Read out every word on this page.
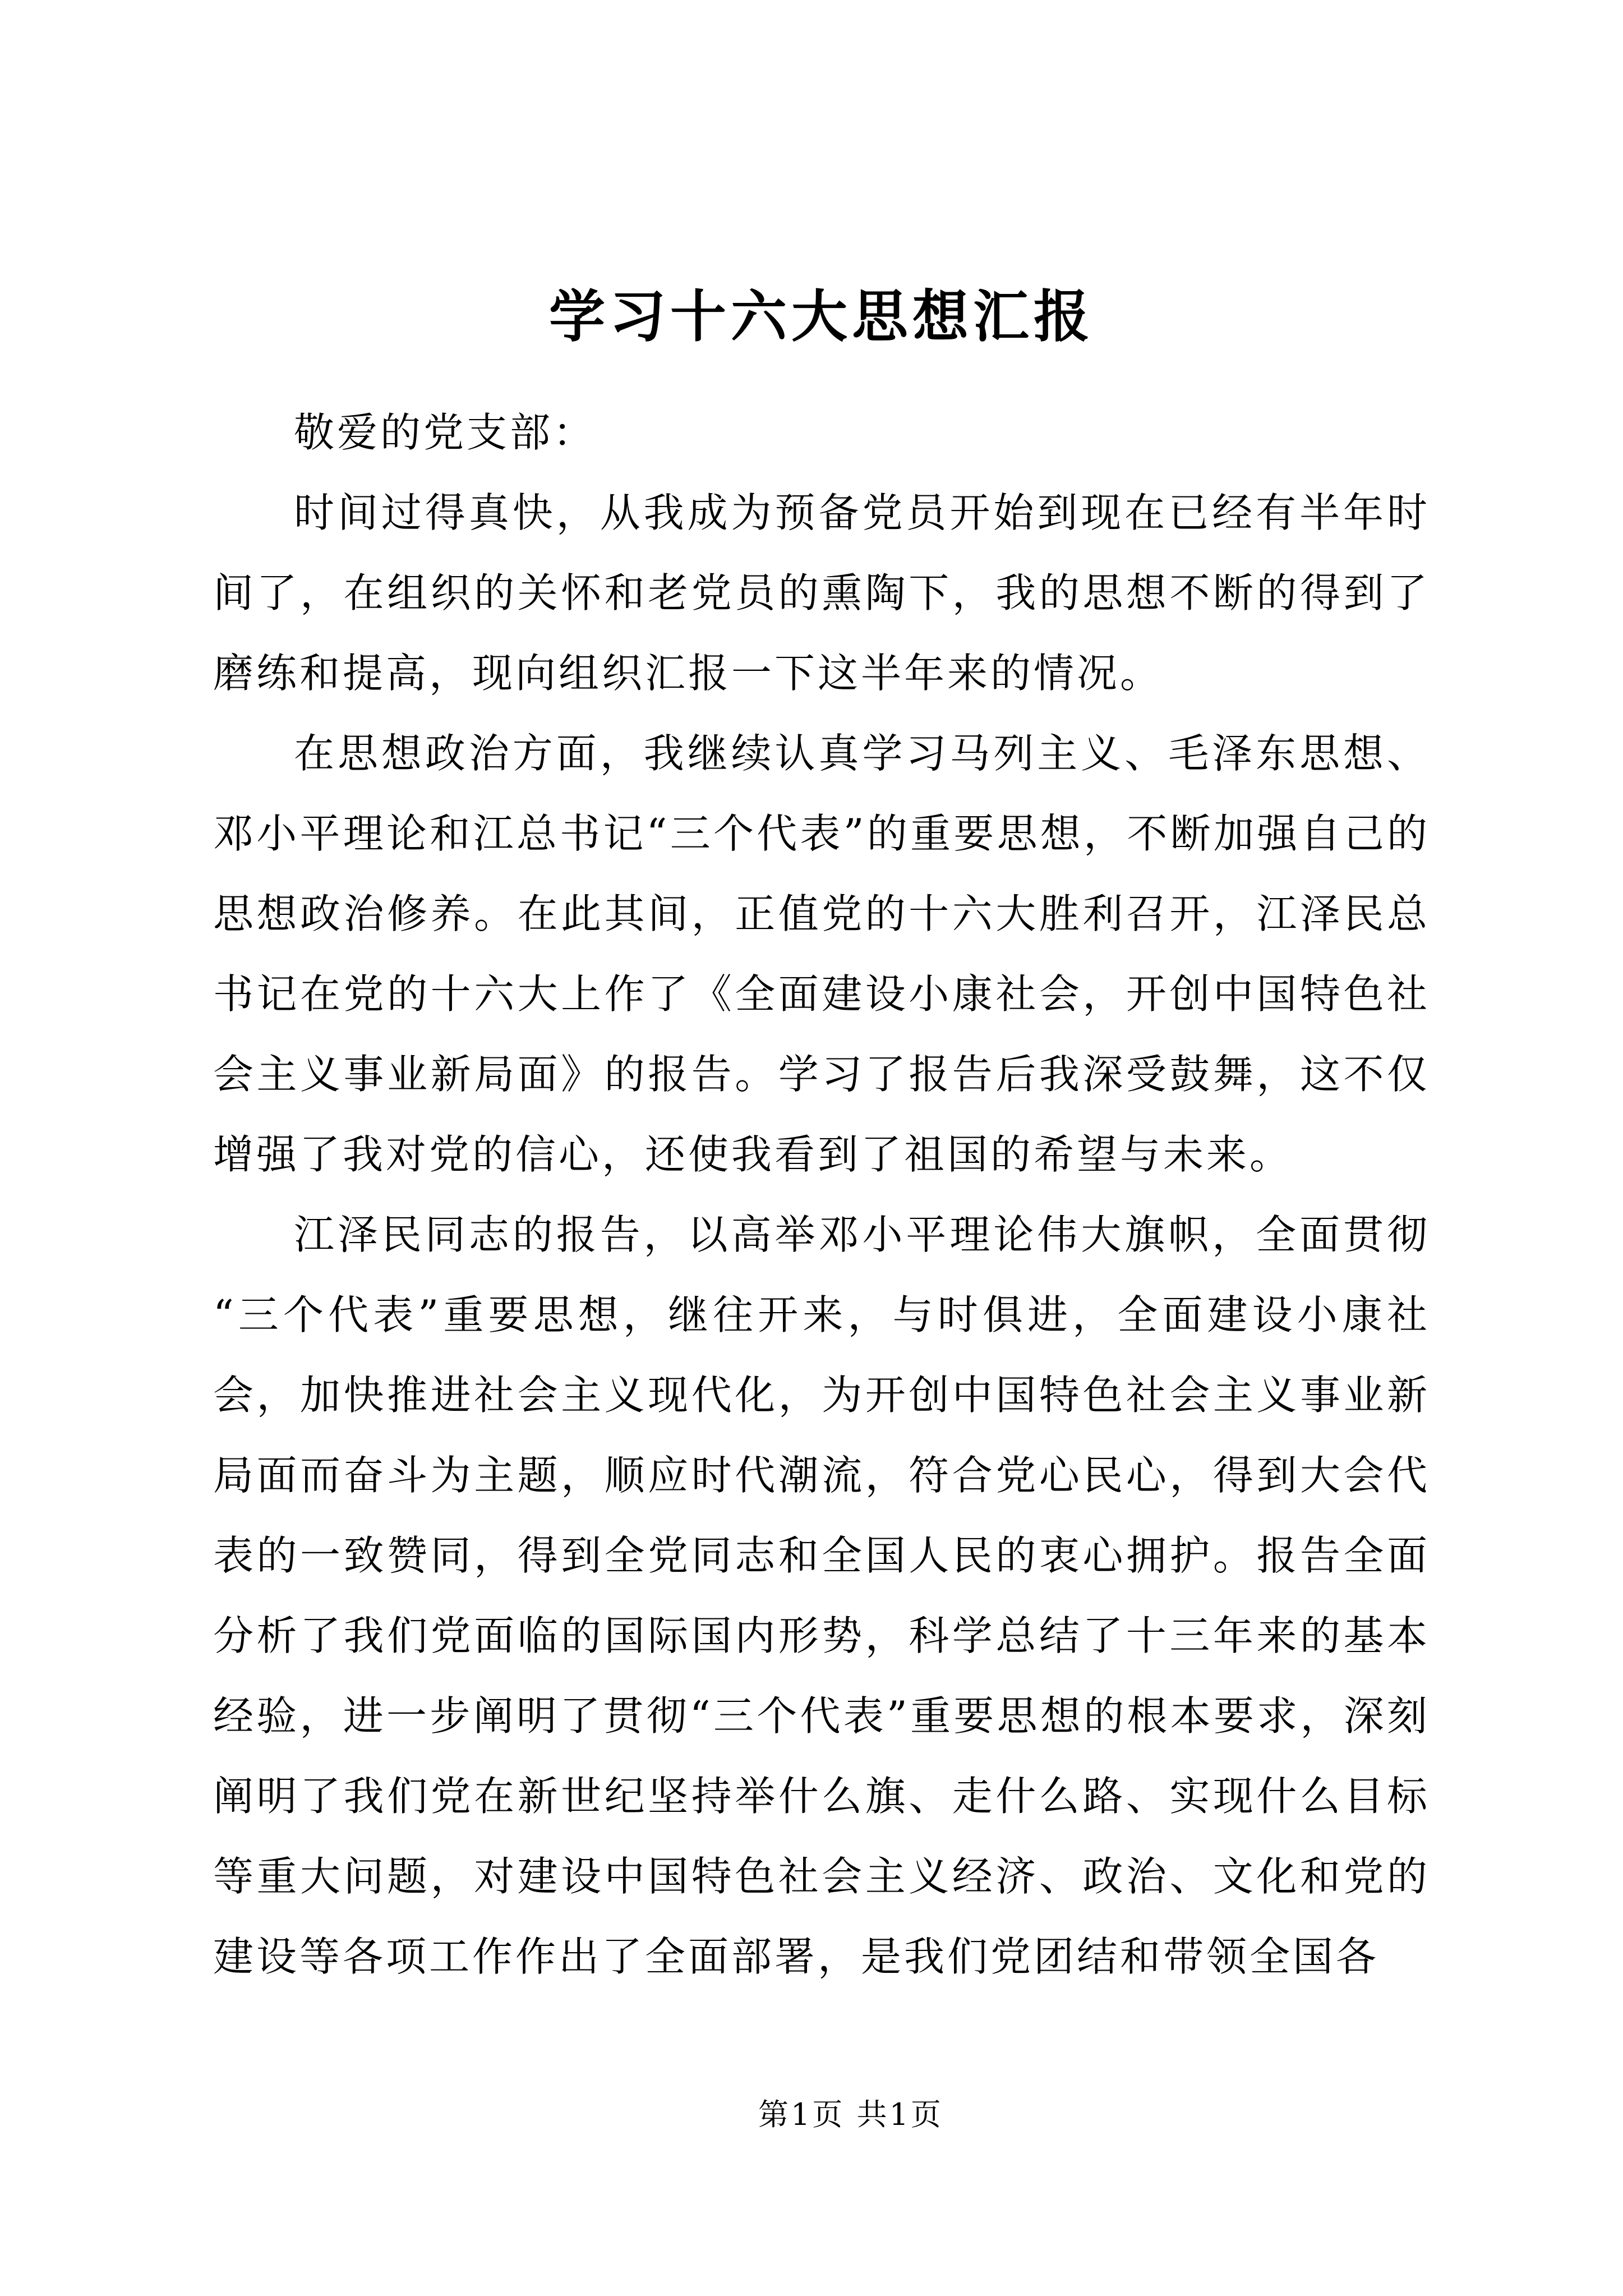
学习十六大思想汇报

敬爱的党支部：

时间过得真快，从我成为预备党员开始到现在已经有半年时间了，在组织的关怀和老党员的熏陶下，我的思想不断的得到了磨练和提高，现向组织汇报一下这半年来的情况。

在思想政治方面，我继续认真学习马列主义、毛泽东思想、邓小平理论和江总书记“三个代表”的重要思想，不断加强自己的思想政治修养。在此其间，正值党的十六大胜利召开，江泽民总书记在党的十六大上作了《全面建设小康社会，开创中国特色社会主义事业新局面》的报告。学习了报告后我深受鼓舞，这不仅增强了我对党的信心，还使我看到了祖国的希望与未来。

江泽民同志的报告，以高举邓小平理论伟大旗帜，全面贯彻“三个代表”重要思想，继往开来，与时俱进，全面建设小康社会，加快推进社会主义现代化，为开创中国特色社会主义事业新局面而奋斗为主题，顺应时代潮流，符合党心民心，得到大会代表的一致赞同，得到全党同志和全国人民的衷心拥护。报告全面分析了我们党面临的国际国内形势，科学总结了十三年来的基本经验，进一步阐明了贯彻“三个代表”重要思想的根本要求，深刻阐明了我们党在新世纪坚持举什么旗、走什么路、实现什么目标等重大问题，对建设中国特色社会主义经济、政治、文化和党的建设等各项工作作出了全面部署，是我们党团结和带领全国各

第1页 共1页
